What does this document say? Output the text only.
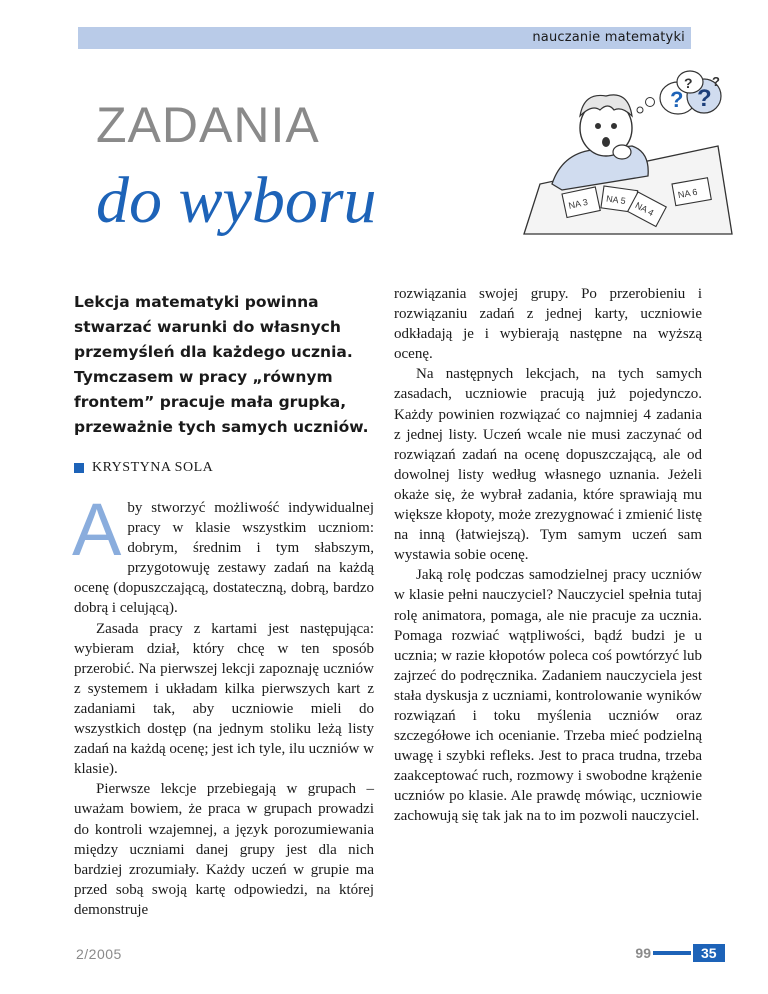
nauczanie matematyki
ZADANIA
do wyboru
? ?
? ?
NA 3 NA 5
NA 4
NA 6
Lekcja matematyki powinna stwarzać warunki do własnych przemyśleń dla każdego ucznia. Tymczasem w pracy „równym frontem” pracuje mała grupka, przeważnie tych samych uczniów.
KRYSTYNA SOLA

Aby stworzyć możliwość indywidualnej pracy w klasie wszystkim uczniom: dobrym, średnim i tym słabszym, przygotowuję zestawy zadań na każdą ocenę (dopuszczającą, dostateczną, dobrą, bardzo dobrą i celującą).

Zasada pracy z kartami jest następująca: wybieram dział, który chcę w ten sposób przerobić. Na pierwszej lekcji zapoznaję uczniów z systemem i układam kilka pierwszych kart z zadaniami tak, aby uczniowie mieli do wszystkich dostęp (na jednym stoliku leżą listy zadań na każdą ocenę; jest ich tyle, ilu uczniów w klasie).

Pierwsze lekcje przebiegają w grupach – uważam bowiem, że praca w grupach prowadzi do kontroli wzajemnej, a język porozumiewania między uczniami danej grupy jest dla nich bardziej zrozumiały. Każdy uczeń w grupie ma przed sobą swoją kartę odpowiedzi, na której demonstruje

rozwiązania swojej grupy. Po przerobieniu i rozwiązaniu zadań z jednej karty, uczniowie odkładają je i wybierają następne na wyższą ocenę.

Na następnych lekcjach, na tych samych zasadach, uczniowie pracują już pojedynczo. Każdy powinien rozwiązać co najmniej 4 zadania z jednej listy. Uczeń wcale nie musi zaczynać od rozwiązań zadań na ocenę dopuszczającą, ale od dowolnej listy według własnego uznania. Jeżeli okaże się, że wybrał zadania, które sprawiają mu większe kłopoty, może zrezygnować i zmienić listę na inną (łatwiejszą). Tym samym uczeń sam wystawia sobie ocenę.

Jaką rolę podczas samodzielnej pracy uczniów w klasie pełni nauczyciel? Nauczyciel spełnia tutaj rolę animatora, pomaga, ale nie pracuje za ucznia. Pomaga rozwiać wątpliwości, bądź budzi je u ucznia; w razie kłopotów poleca coś powtórzyć lub zajrzeć do podręcznika. Zadaniem nauczyciela jest stała dyskusja z uczniami, kontrolowanie wyników rozwiązań i toku myślenia uczniów oraz szczegółowe ich ocenianie. Trzeba mieć podzielną uwagę i szybki refleks. Jest to praca trudna, trzeba zaakceptować ruch, rozmowy i swobodne krążenie uczniów po klasie. Ale prawdę mówiąc, uczniowie zachowują się tak jak na to im pozwoli nauczyciel.

2/2005	99	35
